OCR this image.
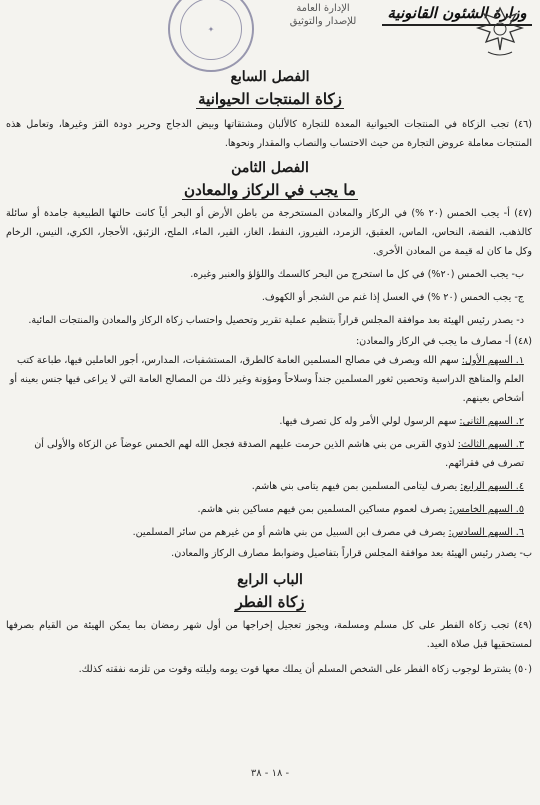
وزارة الشئون القانونية
✦
الإدارة العامة
للإصدار والتوثيق

الفصل السابع

زكاة المنتجات الحيوانية

(٤٦) تجب الزكاة في المنتجات الحيوانية المعدة للتجارة كالألبان ومشتقاتها وبيض الدجاج وحرير دودة القز وغيرها، وتعامل هذه المنتجات معاملة عروض التجارة من حيث الاحتساب والنصاب والمقدار ونحوها.

الفصل الثامن

ما يجب في الركاز والمعادن

(٤٧) أ- يجب الخمس (٢٠ %) في الركاز والمعادن المستخرجة من باطن الأرض أو البحر أياً كانت حالتها الطبيعية جامدة أو سائلة كالذهب، الفضة، النحاس، الماس، العقيق، الزمرد، الفيروز، النفط، الغاز، القير، الماء، الملح، الزئبق، الأحجار، الكري، النيس، الرخام وكل ما كان له قيمة من المعادن الأخرى.

ب- يجب الخمس (٢٠%) في كل ما استخرج من البحر كالسمك واللؤلؤ والعنبر وغيره.

ج- يجب الخمس (٢٠ %) في العسل إذا غنم من الشجر أو الكهوف.

د- يصدر رئيس الهيئة بعد موافقة المجلس قراراً بتنظيم عملية تقرير وتحصيل واحتساب زكاة الركاز والمعادن والمنتجات المائية.

(٤٨) أ- مصارف ما يجب في الركاز والمعادن:

١. السهم الأول: سهم الله ويصرف في مصالح المسلمين العامة كالطرق، المستشفيات، المدارس، أجور العاملين فيها، طباعة كتب العلم والمناهج الدراسية وتحصين ثغور المسلمين جنداً وسلاحاً ومؤونة وغير ذلك من المصالح العامة التي لا يراعى فيها جنس بعينه أو أشخاص بعينهم.

٢. السهم الثاني: سهم الرسول لولي الأمر وله كل تصرف فيها.

٣. السهم الثالث: لذوي القربى من بني هاشم الذين حرمت عليهم الصدقة فجعل الله لهم الخمس عوضاً عن الزكاة والأولى أن تصرف في فقرائهم.

٤. السهم الرابع: يصرف ليتامى المسلمين بمن فيهم يتامى بني هاشم.

٥. السهم الخامس: يصرف لعموم مساكين المسلمين بمن فيهم مساكين بني هاشم.

٦. السهم السادس: يصرف في مصرف ابن السبيل من بني هاشم أو من غيرهم من سائر المسلمين.

ب- يصدر رئيس الهيئة بعد موافقة المجلس قراراً بتفاصيل وضوابط مصارف الركاز والمعادن.

الباب الرابع

زكاة الفطر

(٤٩) تجب زكاة الفطر على كل مسلم ومسلمة، ويجوز تعجيل إخراجها من أول شهر رمضان بما يمكن الهيئة من القيام بصرفها لمستحقيها قبل صلاة العيد.

(٥٠) يشترط لوجوب زكاة الفطر على الشخص المسلم أن يملك معها قوت يومه وليلته وقوت من تلزمه نفقته كذلك.

- ١٨ - ٣٨
